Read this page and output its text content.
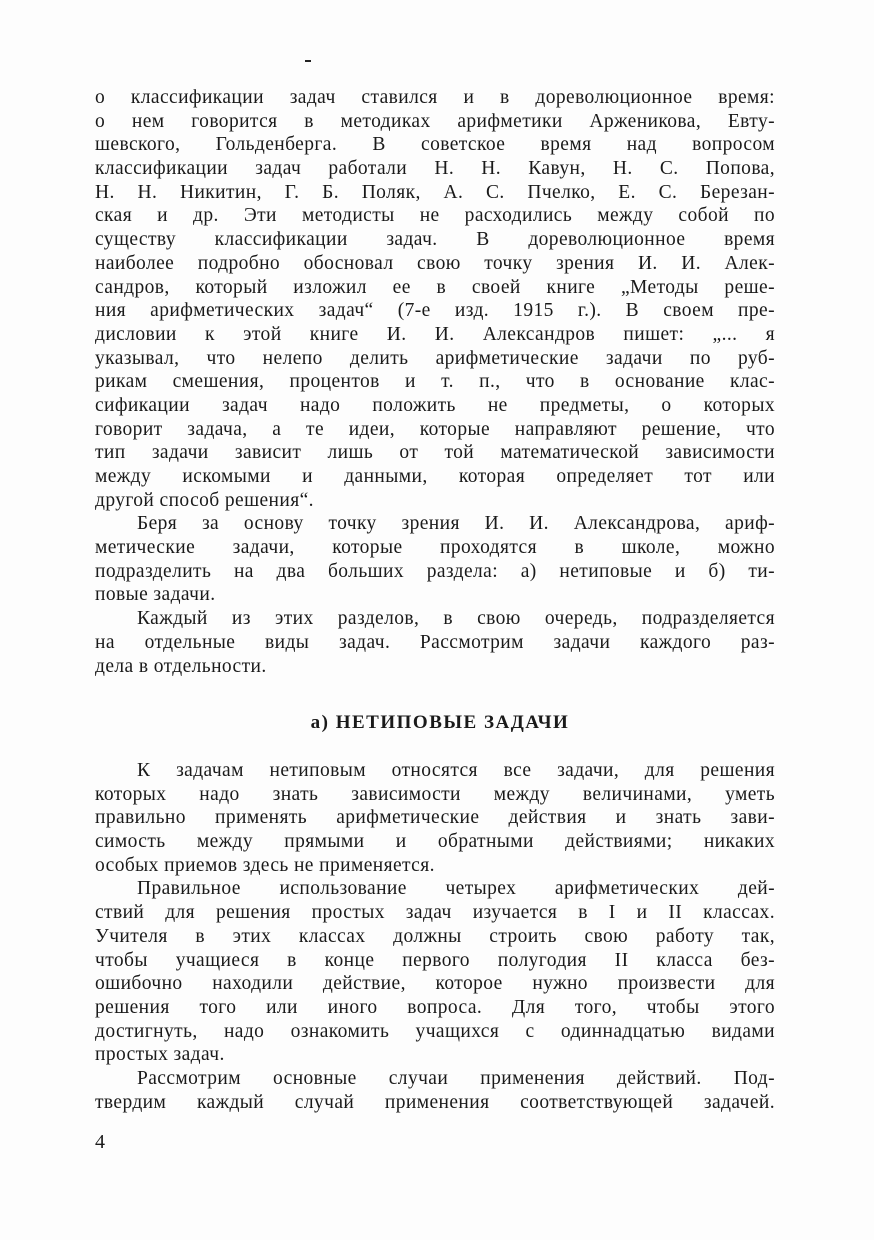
о классификации задач ставился и в дореволюционное время:
о нем говорится в методиках арифметики Арженикова, Евту-
шевского, Гольденберга. В советское время над вопросом
классификации задач работали Н. Н. Кавун, Н. С. Попова,
Н. Н. Никитин, Г. Б. Поляк, А. С. Пчелко, Е. С. Березан-
ская и др. Эти методисты не расходились между собой по
существу классификации задач. В дореволюционное время
наиболее подробно обосновал свою точку зрения И. И. Алек-
сандров, который изложил ее в своей книге „Методы реше-
ния арифметических задач“ (7-е изд. 1915 г.). В своем пре-
дисловии к этой книге И. И. Александров пишет: „... я
указывал, что нелепо делить арифметические задачи по руб-
рикам смешения, процентов и т. п., что в основание клас-
сификации задач надо положить не предметы, о которых
говорит задача, а те идеи, которые направляют решение, что
тип задачи зависит лишь от той математической зависимости
между искомыми и данными, которая определяет тот или
другой способ решения“.
Беря за основу точку зрения И. И. Александрова, ариф-
метические задачи, которые проходятся в школе, можно
подразделить на два больших раздела: а) нетиповые и б) ти-
повые задачи.
Каждый из этих разделов, в свою очередь, подразделяется
на отдельные виды задач. Рассмотрим задачи каждого раз-
дела в отдельности.
а) НЕТИПОВЫЕ ЗАДАЧИ
К задачам нетиповым относятся все задачи, для решения
которых надо знать зависимости между величинами, уметь
правильно применять арифметические действия и знать зави-
симость между прямыми и обратными действиями; никаких
особых приемов здесь не применяется.
Правильное использование четырех арифметических дей-
ствий для решения простых задач изучается в I и II классах.
Учителя в этих классах должны строить свою работу так,
чтобы учащиеся в конце первого полугодия II класса без-
ошибочно находили действие, которое нужно произвести для
решения того или иного вопроса. Для того, чтобы этого
достигнуть, надо ознакомить учащихся с одиннадцатью видами
простых задач.
Рассмотрим основные случаи применения действий. Под-
твердим каждый случай применения соответствующей задачей.
4
